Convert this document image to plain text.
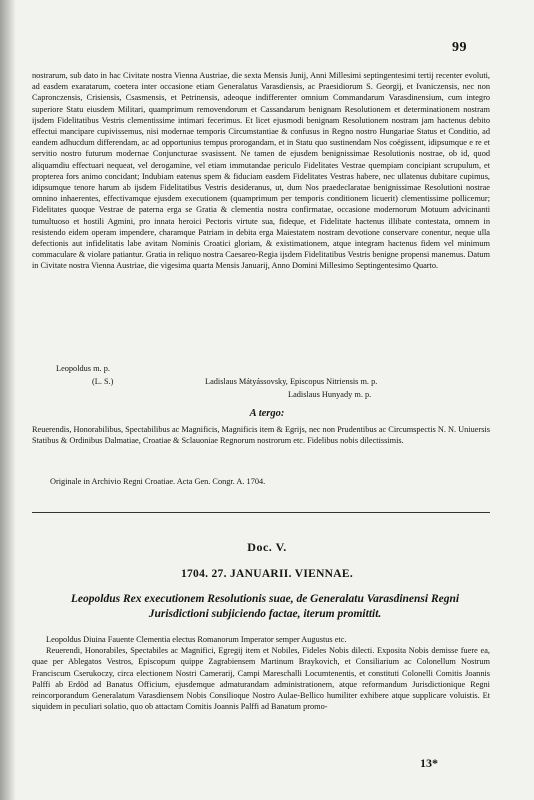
99
nostrarum, sub dato in hac Civitate nostra Vienna Austriae, die sexta Mensis Junij, Anni Millesimi septingentesimi tertij recenter evoluti, ad easdem exaratarum, coetera inter occasione etiam Generalatus Varasdiensis, ac Praesidiorum S. Georgij, et Ivaniczensis, nec non Capronczensis, Crisiensis, Csasmensis, et Petrinensis, adeoque indifferenter omnium Commandarum Varasdinensium, cum integro superiore Statu eiusdem Militari, quamprimum removendorum et Cassandarum benignam Resolutionem et determinationem nostram ijsdem Fidelitatibus Vestris clementissime intimari fecerimus. Et licet ejusmodi benignam Resolutionem nostram jam hactenus debito effectui mancipare cupivissemus, nisi modernae temporis Circumstantiae & confusus in Regno nostro Hungariae Status et Conditio, ad eandem adhucdum differendam, ac ad opportunius tempus prorogandam, et in Statu quo sustinendam Nos coëgissent, idipsumque e re et servitio nostro futurum modernae Conjuncturae svasissent. Ne tamen de ejusdem benignissimae Resolutionis nostrae, ob id, quod aliquamdiu effectuari nequeat, vel derogamine, vel etiam immutandae periculo Fidelitates Vestrae quempiam concipiant scrupulum, et propterea fors animo concidant; Indubiam eatenus spem & fiduciam easdem Fidelitates Vestras habere, nec ullatenus dubitare cupimus, idipsumque tenore harum ab ijsdem Fidelitatibus Vestris desideranus, ut, dum Nos praedeclaratae benignissimae Resolutioni nostrae omnino inhaerentes, effectivamque ejusdem executionem (quamprimum per temporis conditionem licuerit) clementissime pollicemur; Fidelitates quoque Vestrae de paterna erga se Gratia & clementia nostra confirmatae, occasione modernorum Motuum advicinanti tumultuoso et hostili Agmini, pro innata heroici Pectoris virtute sua, fideque, et Fidelitate hactenus illibate contestata, omnem in resistendo eidem operam impendere, charamque Patriam in debita erga Maiestatem nostram devotione conservare conentur, neque ulla defectionis aut infidelitatis labe avitam Nominis Croatici gloriam, & existimationem, atque integram hactenus fidem vel minimum commaculare & violare patiantur. Gratia in reliquo nostra Caesareo-Regia ijsdem Fidelitatibus Vestris benigne propensi manemus. Datum in Civitate nostra Vienna Austriae, die vigesima quarta Mensis Januarij, Anno Domini Millesimo Septingentesimo Quarto.
Leopoldus m. p.
(L. S.)	Ladislaus Mátyássovsky, Episcopus Nitriensis m. p.
Ladislaus Hunyady m. p.
A tergo:
Reuerendis, Honorabilibus, Spectabilibus ac Magnificis, Magnificis item & Egrijs, nec non Prudentibus ac Circumspectis N. N. Uniuersis Statibus & Ordinibus Dalmatiae, Croatiae & Sclauoniae Regnorum nostrorum etc. Fidelibus nobis dilectissimis.
Originale in Archivio Regni Croatiae. Acta Gen. Congr. A. 1704.
Doc. V.
1704. 27. JANUARII. VIENNAE.
Leopoldus Rex executionem Resolutionis suae, de Generalatu Varasdinensi Regni Jurisdictioni subjiciendo factae, iterum promittit.

Leopoldus Diuina Fauente Clementia electus Romanorum Imperator semper Augustus etc.

Reuerendi, Honorabiles, Spectabiles ac Magnifici, Egregij item et Nobiles, Fideles Nobis dilecti. Exposita Nobis demisse fuere ea, quae per Ablegatos Vestros, Episcopum quippe Zagrabiensem Martinum Braykovich, et Consiliarium ac Colonellum Nostrum Franciscum Cserukoczy, circa electionem Nostri Camerarij, Campi Mareschalli Locumtenentis, et constituti Colonelli Comitis Joannis Palffi ab Erdöd ad Banatus Officium, ejusdemque admaturandam administrationem, atque reformandum Jurisdictionique Regni reincorporandum Generalatum Varasdiensem Nobis Consilioque Nostro Aulae-Bellico humiliter exhibere atque supplicare voluistis. Et siquidem in peculiari solatio, quo ob attactam Comitis Joannis Palffi ad Banatum promo-

13*
